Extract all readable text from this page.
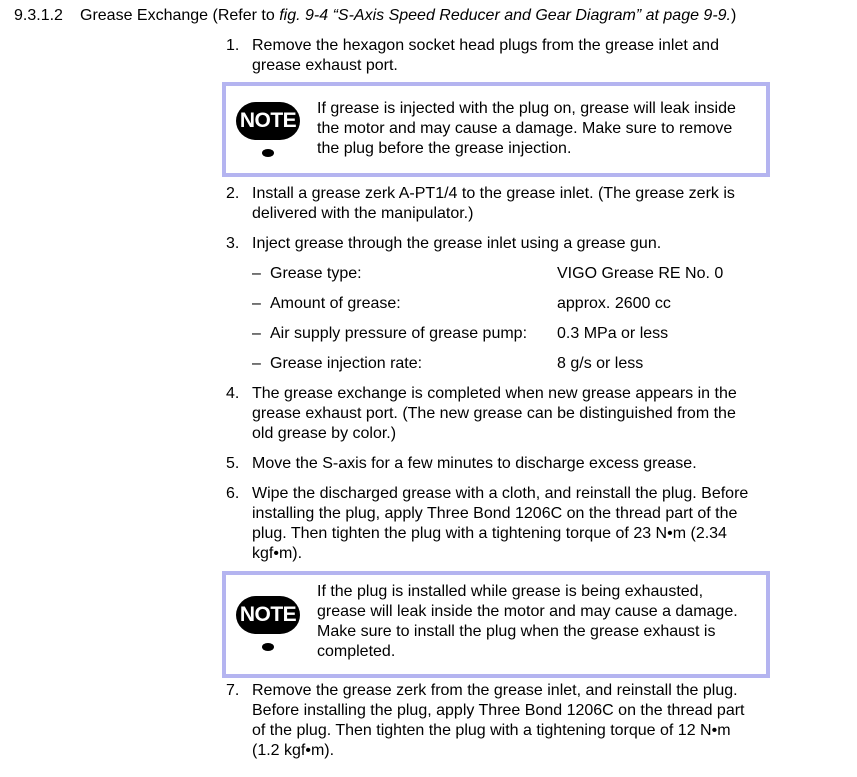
9.3.1.2 Grease Exchange (Refer to fig. 9-4 “S-Axis Speed Reducer and Gear Diagram” at page 9-9.)
1. Remove the hexagon socket head plugs from the grease inlet and
grease exhaust port.
NOTE
If grease is injected with the plug on, grease will leak inside
the motor and may cause a damage. Make sure to remove
the plug before the grease injection.
2. Install a grease zerk A-PT1/4 to the grease inlet. (The grease zerk is
delivered with the manipulator.)
3. Inject grease through the grease inlet using a grease gun.
– Grease type:	VIGO Grease RE No. 0
– Amount of grease:	approx. 2600 cc
– Air supply pressure of grease pump: 0.3 MPa or less
– Grease injection rate:	8 g/s or less
4. The grease exchange is completed when new grease appears in the
grease exhaust port. (The new grease can be distinguished from the
old grease by color.)
5. Move the S-axis for a few minutes to discharge excess grease.
6. Wipe the discharged grease with a cloth, and reinstall the plug. Before
installing the plug, apply Three Bond 1206C on the thread part of the
plug. Then tighten the plug with a tightening torque of 23 N•m (2.34
kgf•m).
NOTE
If the plug is installed while grease is being exhausted,
grease will leak inside the motor and may cause a damage.
Make sure to install the plug when the grease exhaust is
completed.
7. Remove the grease zerk from the grease inlet, and reinstall the plug.
Before installing the plug, apply Three Bond 1206C on the thread part
of the plug. Then tighten the plug with a tightening torque of 12 N•m
(1.2 kgf•m).
